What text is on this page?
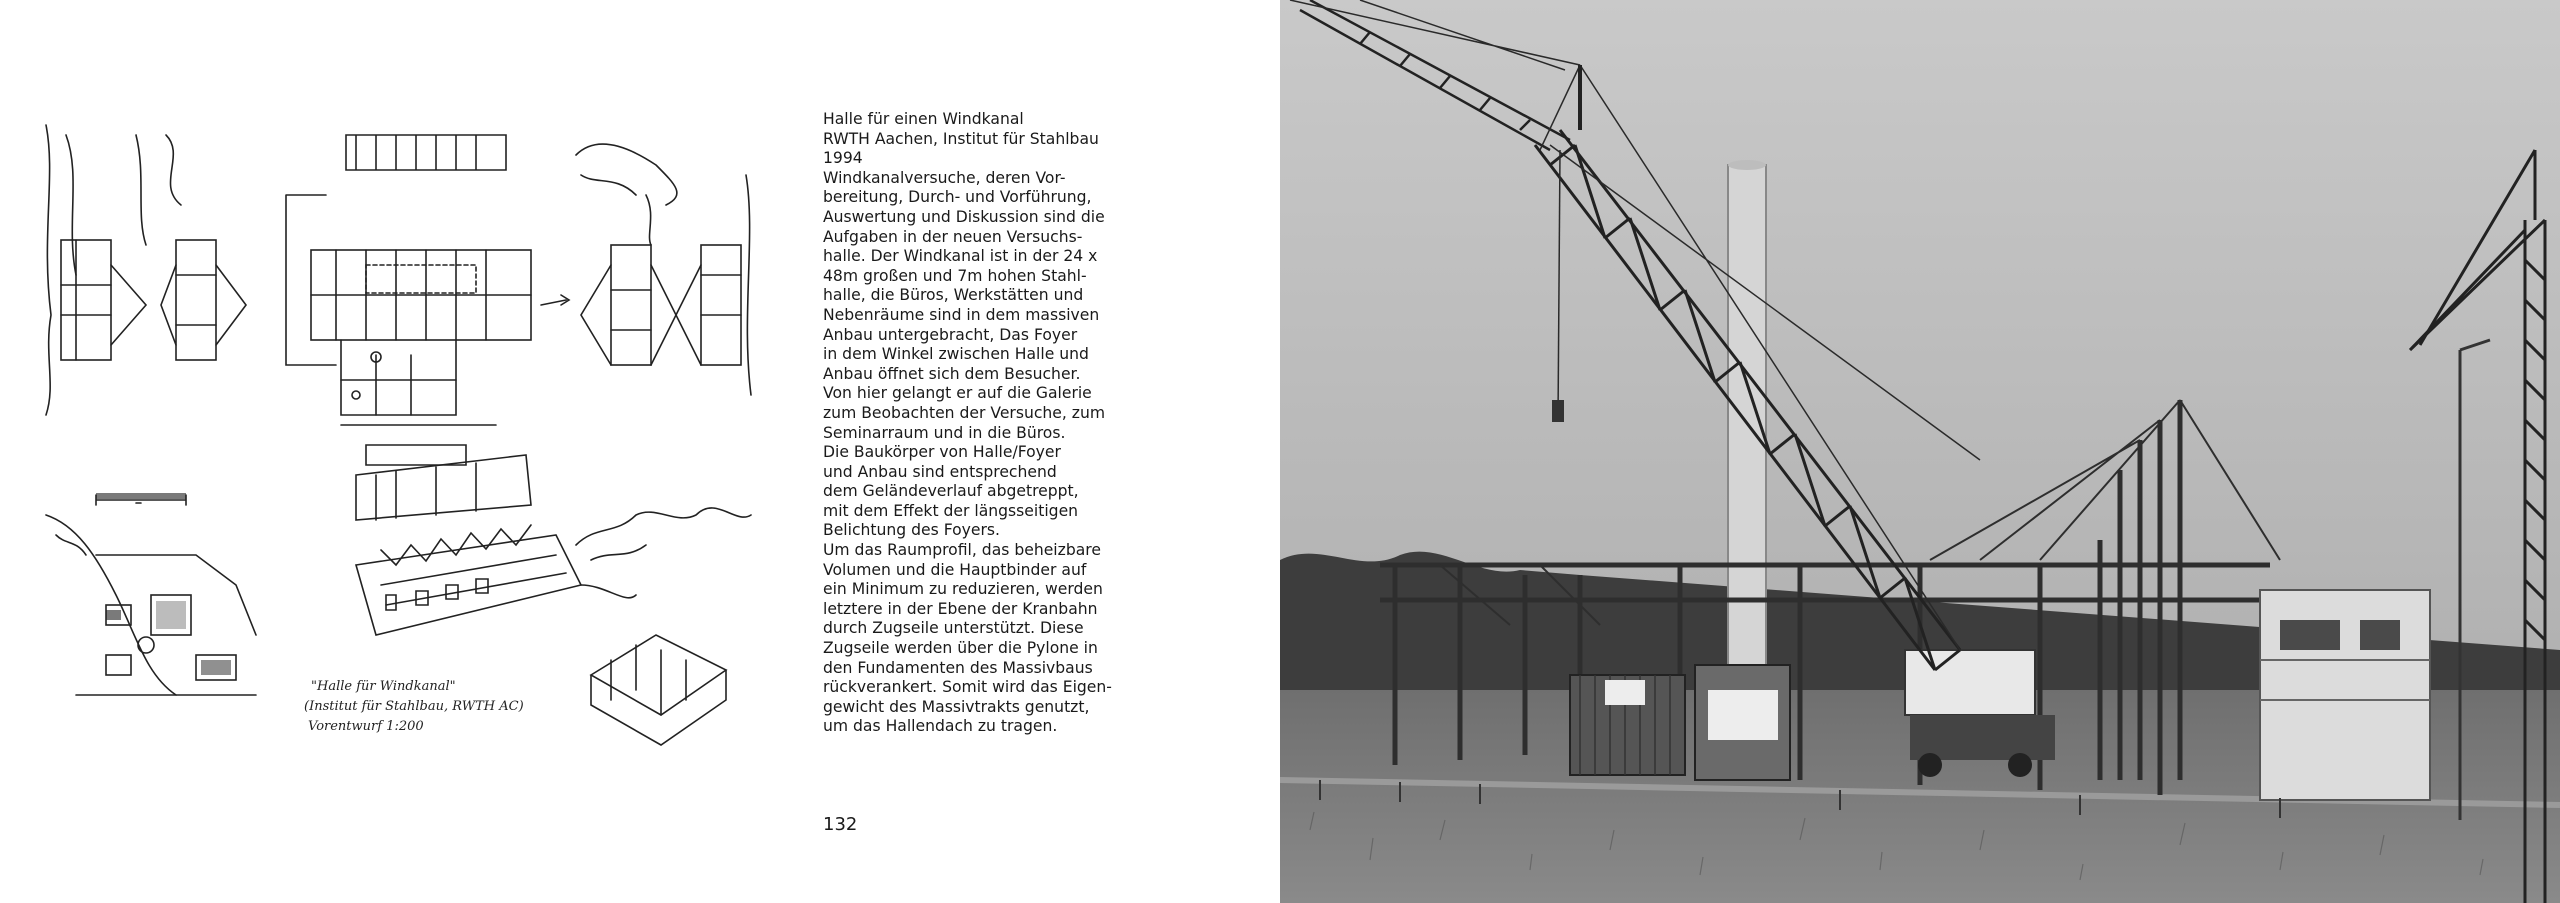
"Halle für Windkanal"
(Institut für Stahlbau, RWTH AC)
Vorentwurf 1:200
Halle für einen Windkanal
RWTH Aachen, Institut für Stahlbau
1994
Windkanalversuche, deren Vor-
bereitung, Durch- und Vorführung,
Auswertung und Diskussion sind die
Aufgaben in der neuen Versuchs-
halle. Der Windkanal ist in der 24 x
48m großen und 7m hohen Stahl-
halle, die Büros, Werkstätten und
Nebenräume sind in dem massiven
Anbau untergebracht, Das Foyer
in dem Winkel zwischen Halle und
Anbau öffnet sich dem Besucher.
Von hier gelangt er auf die Galerie
zum Beobachten der Versuche, zum
Seminarraum und in die Büros.
Die Baukörper von Halle/Foyer
und Anbau sind entsprechend
dem Geländeverlauf abgetreppt,
mit dem Effekt der längsseitigen
Belichtung des Foyers.
Um das Raumprofil, das beheizbare
Volumen und die Hauptbinder auf
ein Minimum zu reduzieren, werden
letztere in der Ebene der Kranbahn
durch Zugseile unterstützt. Diese
Zugseile werden über die Pylone in
den Fundamenten des Massivbaus
rückverankert. Somit wird das Eigen-
gewicht des Massivtrakts genutzt,
um das Hallendach zu tragen.
132
